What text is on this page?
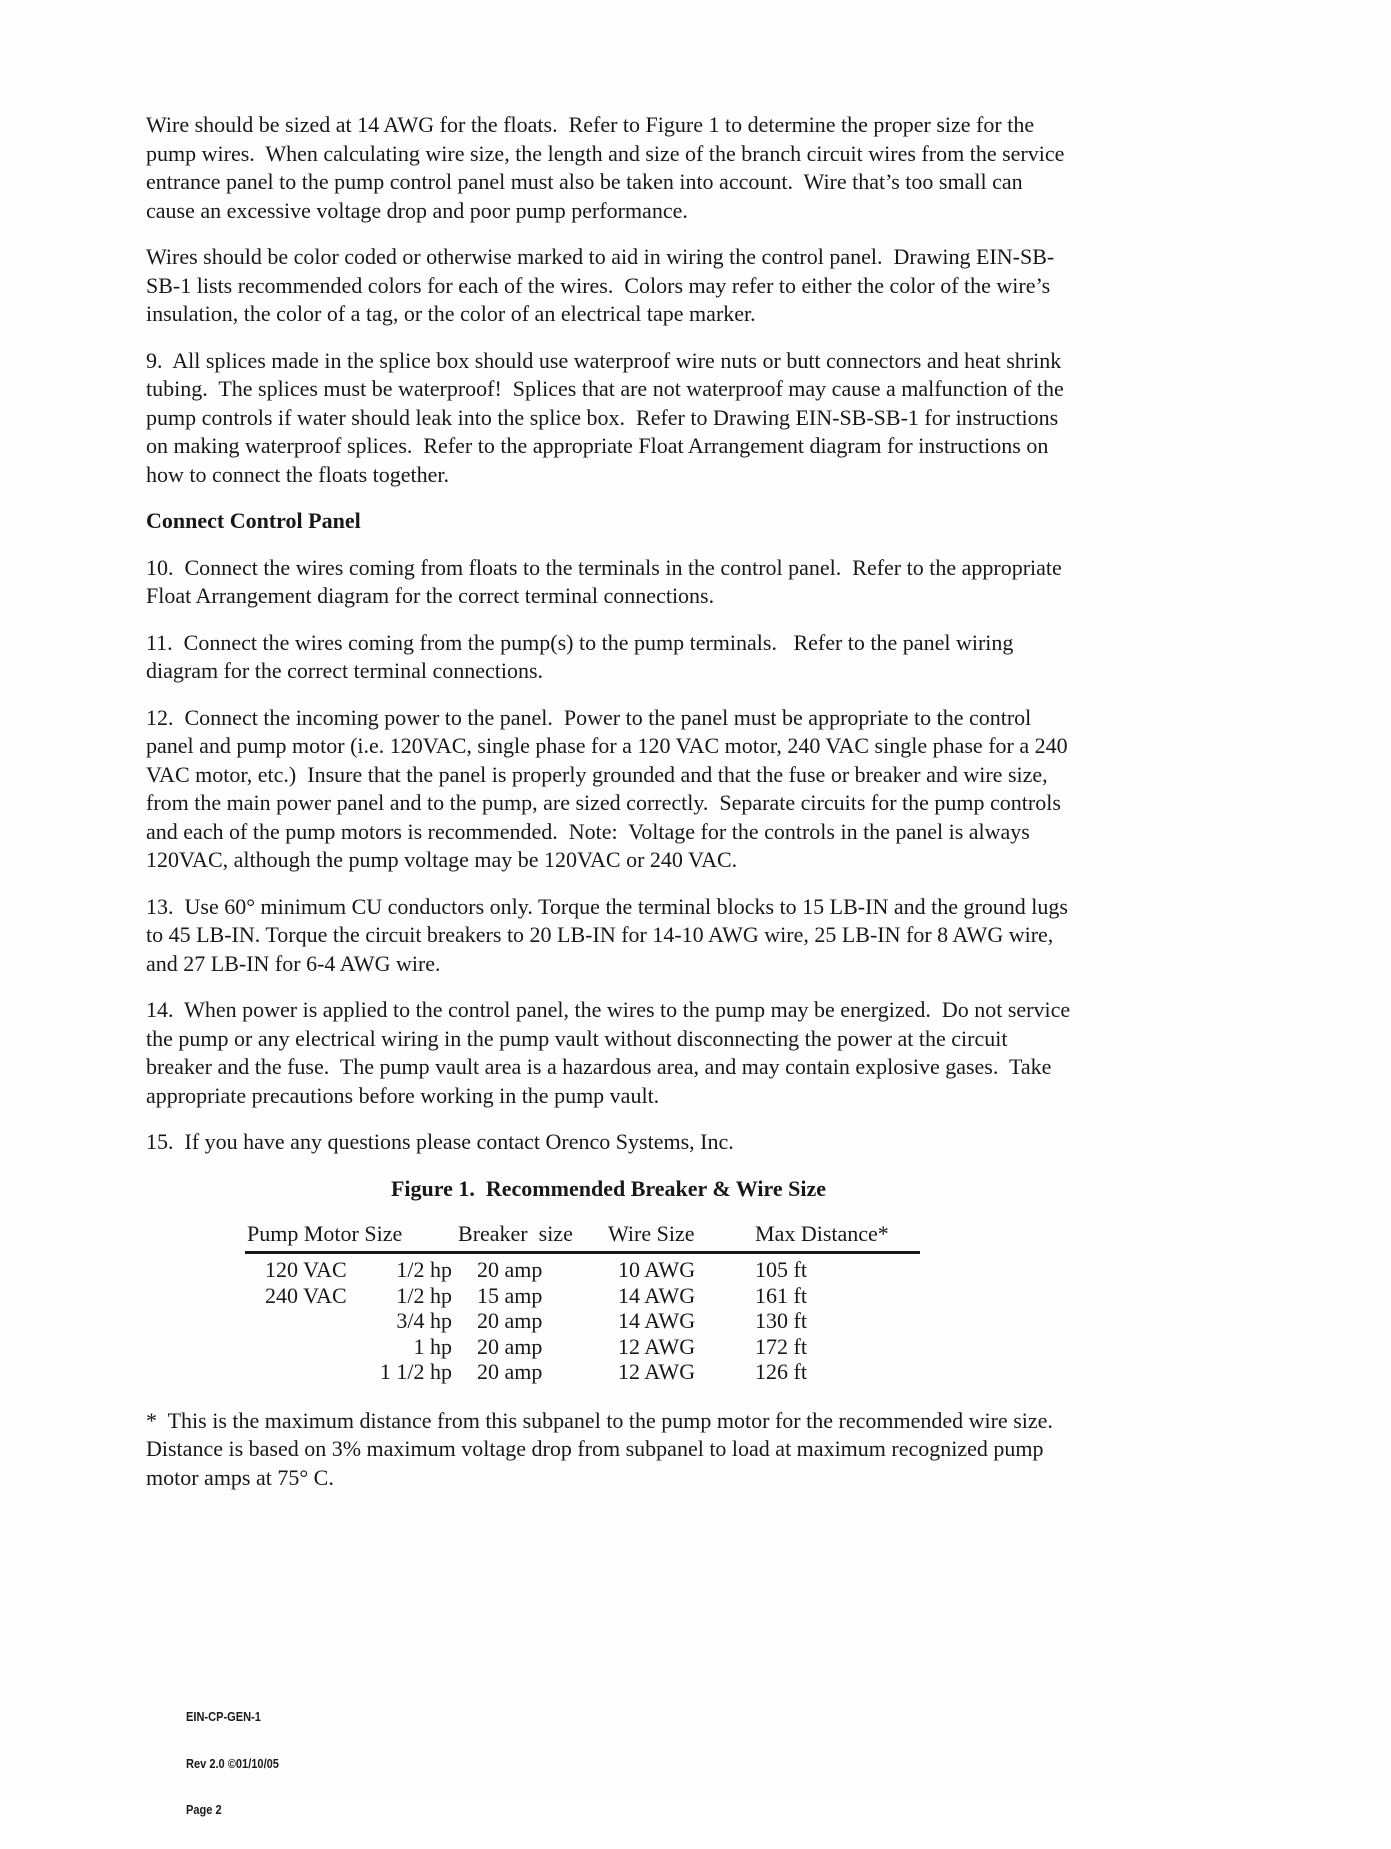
Wire should be sized at 14 AWG for the floats.  Refer to Figure 1 to determine the proper size for the pump wires.  When calculating wire size, the length and size of the branch circuit wires from the service entrance panel to the pump control panel must also be taken into account.  Wire that’s too small can cause an excessive voltage drop and poor pump performance.

Wires should be color coded or otherwise marked to aid in wiring the control panel.  Drawing EIN-SB-SB-1 lists recommended colors for each of the wires.  Colors may refer to either the color of the wire’s insulation, the color of a tag, or the color of an electrical tape marker.

9.  All splices made in the splice box should use waterproof wire nuts or butt connectors and heat shrink tubing.  The splices must be waterproof!  Splices that are not waterproof may cause a malfunction of the pump controls if water should leak into the splice box.  Refer to Drawing EIN-SB-SB-1 for instructions on making waterproof splices.  Refer to the appropriate Float Arrangement diagram for instructions on how to connect the floats together.

Connect Control Panel

10.  Connect the wires coming from floats to the terminals in the control panel.  Refer to the appropriate Float Arrangement diagram for the correct terminal connections.

11.  Connect the wires coming from the pump(s) to the pump terminals.   Refer to the panel wiring diagram for the correct terminal connections.

12.  Connect the incoming power to the panel.  Power to the panel must be appropriate to the control panel and pump motor (i.e. 120VAC, single phase for a 120 VAC motor, 240 VAC single phase for a 240 VAC motor, etc.)  Insure that the panel is properly grounded and that the fuse or breaker and wire size, from the main power panel and to the pump, are sized correctly.  Separate circuits for the pump controls and each of the pump motors is recommended.  Note:  Voltage for the controls in the panel is always 120VAC, although the pump voltage may be 120VAC or 240 VAC.

13.  Use 60° minimum CU conductors only. Torque the terminal blocks to 15 LB-IN and the ground lugs to 45 LB-IN. Torque the circuit breakers to 20 LB-IN for 14-10 AWG wire, 25 LB-IN for 8 AWG wire, and 27 LB-IN for 6-4 AWG wire.

14.  When power is applied to the control panel, the wires to the pump may be energized.  Do not service the pump or any electrical wiring in the pump vault without disconnecting the power at the circuit breaker and the fuse.  The pump vault area is a hazardous area, and may contain explosive gases.  Take appropriate precautions before working in the pump vault.

15.  If you have any questions please contact Orenco Systems, Inc.

Figure 1.  Recommended Breaker & Wire Size
Pump Motor Size		Breaker  size	Wire Size	Max Distance*
120 VAC	1/2 hp	20 amp	10 AWG	105 ft
240 VAC	1/2 hp	15 amp	14 AWG	161 ft
	3/4 hp	20 amp	14 AWG	130 ft
	1 hp	20 amp	12 AWG	172 ft
	1 1/2 hp	20 amp	12 AWG	126 ft

*  This is the maximum distance from this subpanel to the pump motor for the recommended wire size.  Distance is based on 3% maximum voltage drop from subpanel to load at maximum recognized pump motor amps at 75° C.

EIN-CP-GEN-1

Rev 2.0 ©01/10/05

Page 2
